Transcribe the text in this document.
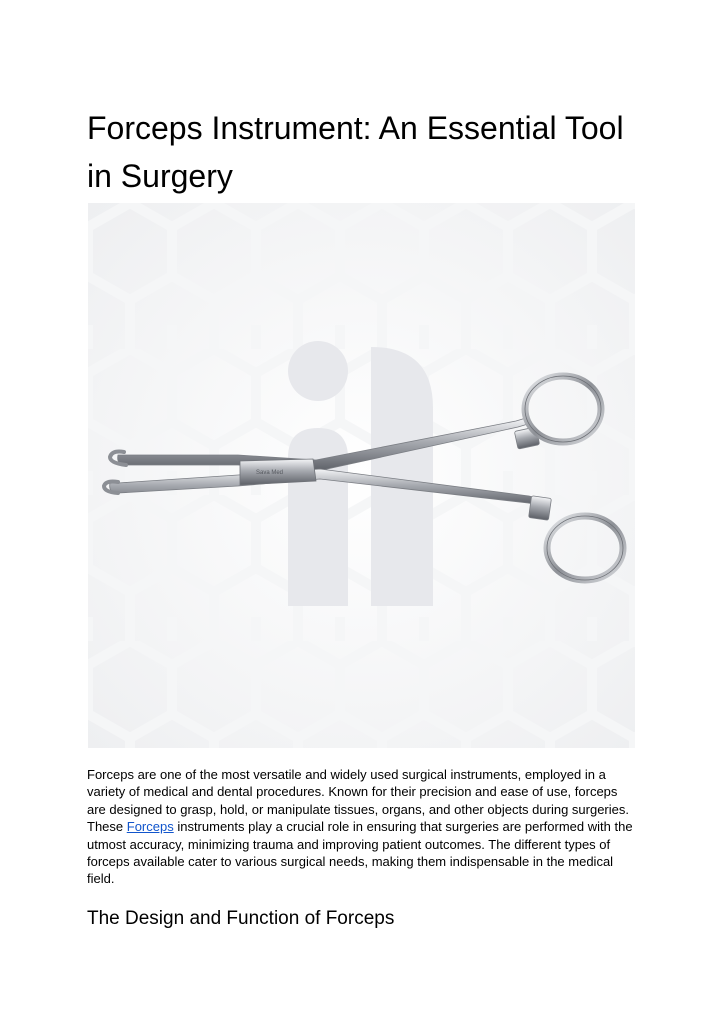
Forceps Instrument: An Essential Tool in Surgery
Sava Med

Forceps are one of the most versatile and widely used surgical instruments, employed in a variety of medical and dental procedures. Known for their precision and ease of use, forceps are designed to grasp, hold, or manipulate tissues, organs, and other objects during surgeries. These Forceps instruments play a crucial role in ensuring that surgeries are performed with the utmost accuracy, minimizing trauma and improving patient outcomes. The different types of forceps available cater to various surgical needs, making them indispensable in the medical field.

The Design and Function of Forceps
